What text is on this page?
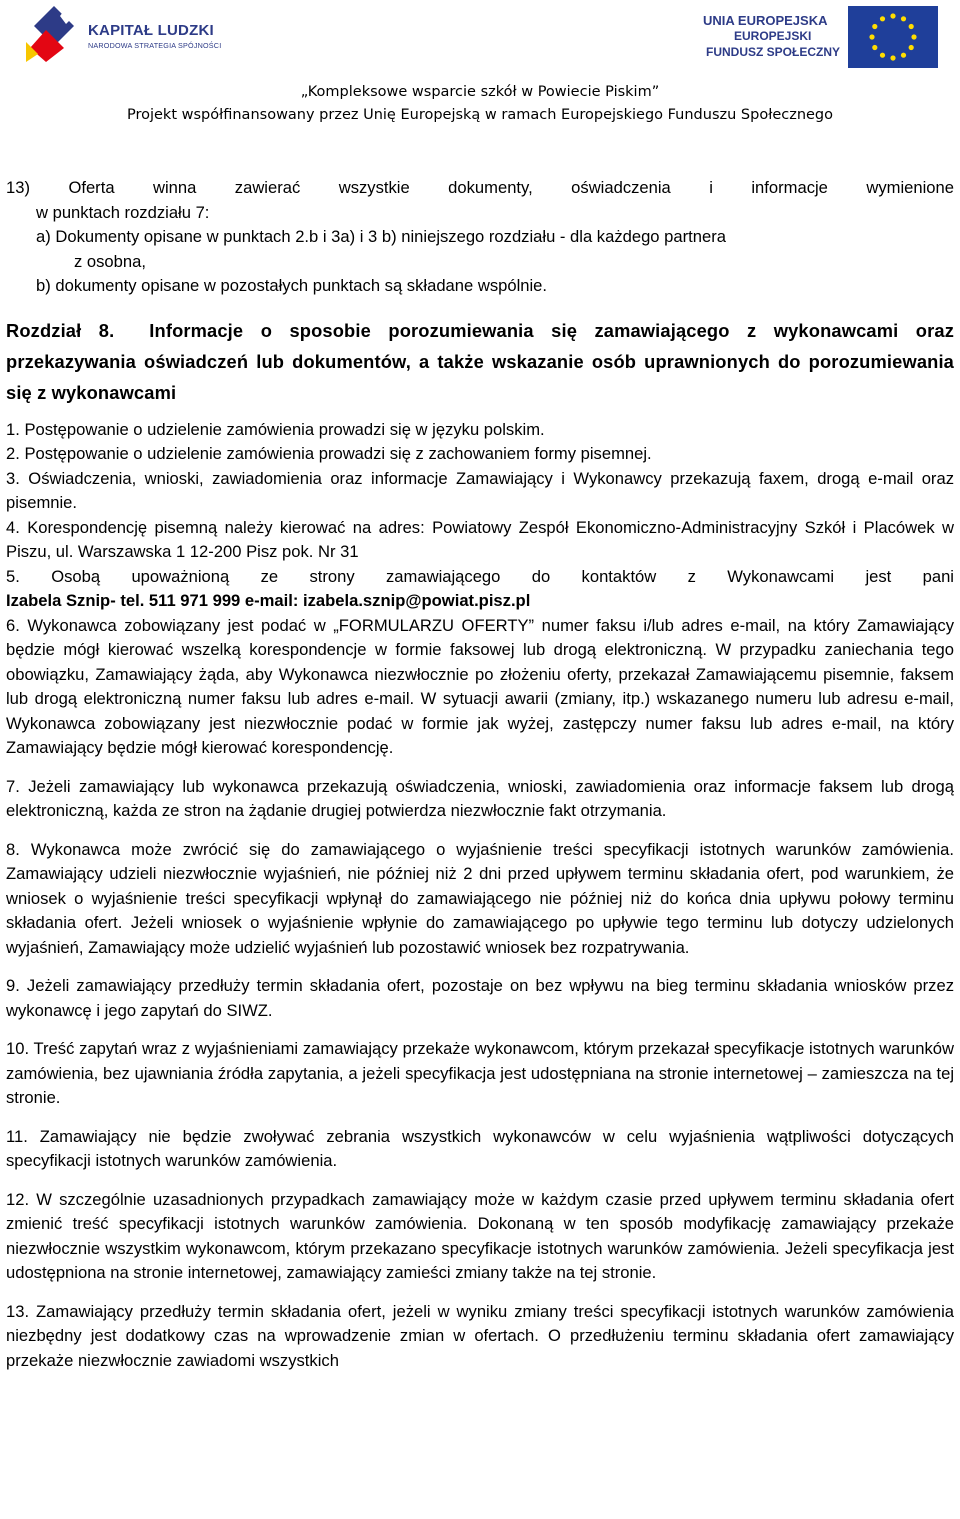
KAPITAŁ LUDZKI
NARODOWA STRATEGIA SPÓJNOŚCI
UNIA EUROPEJSKA
EUROPEJSKI
FUNDUSZ SPOŁECZNY
„Kompleksowe wsparcie szkół w Powiecie Piskim”
Projekt współfinansowany przez Unię Europejską w ramach Europejskiego Funduszu Społecznego

13) Oferta winna zawierać wszystkie dokumenty, oświadczenia i informacje wymienione

w punktach rozdziału 7:

a) Dokumenty opisane w punktach 2.b i 3a) i 3 b) niniejszego rozdziału - dla każdego partnera

z osobna,

b) dokumenty opisane w pozostałych punktach są składane wspólnie.

Rozdział 8. Informacje o sposobie porozumiewania się zamawiającego z wykonawcami oraz przekazywania oświadczeń lub dokumentów, a także wskazanie osób uprawnionych do porozumiewania się z wykonawcami

1. Postępowanie o udzielenie zamówienia prowadzi się w języku polskim.

2. Postępowanie o udzielenie zamówienia prowadzi się z zachowaniem formy pisemnej.

3. Oświadczenia, wnioski, zawiadomienia oraz informacje Zamawiający i Wykonawcy przekazują faxem, drogą e-mail oraz pisemnie.

4. Korespondencję pisemną należy kierować na adres: Powiatowy Zespół Ekonomiczno-Administracyjny Szkół i Placówek w Piszu, ul. Warszawska 1 12-200 Pisz pok. Nr 31

5. Osobą upoważnioną ze strony zamawiającego do kontaktów z Wykonawcami jest pani

Izabela Sznip- tel. 511 971 999 e-mail: izabela.sznip@powiat.pisz.pl

6. Wykonawca zobowiązany jest podać w „FORMULARZU OFERTY” numer faksu i/lub adres e-mail, na który Zamawiający będzie mógł kierować wszelką korespondencje w formie faksowej lub drogą elektroniczną. W przypadku zaniechania tego obowiązku, Zamawiający żąda, aby Wykonawca niezwłocznie po złożeniu oferty, przekazał Zamawiającemu pisemnie, faksem lub drogą elektroniczną numer faksu lub adres e-mail. W sytuacji awarii (zmiany, itp.) wskazanego numeru lub adresu e-mail, Wykonawca zobowiązany jest niezwłocznie podać w formie jak wyżej, zastępczy numer faksu lub adres e-mail, na który Zamawiający będzie mógł kierować korespondencję.

7. Jeżeli zamawiający lub wykonawca przekazują oświadczenia, wnioski, zawiadomienia oraz informacje faksem lub drogą elektroniczną, każda ze stron na żądanie drugiej potwierdza niezwłocznie fakt otrzymania.

8. Wykonawca może zwrócić się do zamawiającego o wyjaśnienie treści specyfikacji istotnych warunków zamówienia. Zamawiający udzieli niezwłocznie wyjaśnień, nie później niż 2 dni przed upływem terminu składania ofert, pod warunkiem, że wniosek o wyjaśnienie treści specyfikacji wpłynął do zamawiającego nie później niż do końca dnia upływu połowy terminu składania ofert. Jeżeli wniosek o wyjaśnienie wpłynie do zamawiającego po upływie tego terminu lub dotyczy udzielonych wyjaśnień, Zamawiający może udzielić wyjaśnień lub pozostawić wniosek bez rozpatrywania.

9. Jeżeli zamawiający przedłuży termin składania ofert, pozostaje on bez wpływu na bieg terminu składania wniosków przez wykonawcę i jego zapytań do SIWZ.

10. Treść zapytań wraz z wyjaśnieniami zamawiający przekaże wykonawcom, którym przekazał specyfikacje istotnych warunków zamówienia, bez ujawniania źródła zapytania, a jeżeli specyfikacja jest udostępniana na stronie internetowej – zamieszcza na tej stronie.

11. Zamawiający nie będzie zwoływać zebrania wszystkich wykonawców w celu wyjaśnienia wątpliwości dotyczących specyfikacji istotnych warunków zamówienia.

12. W szczególnie uzasadnionych przypadkach zamawiający może w każdym czasie przed upływem terminu składania ofert zmienić treść specyfikacji istotnych warunków zamówienia. Dokonaną w ten sposób modyfikację zamawiający przekaże niezwłocznie wszystkim wykonawcom, którym przekazano specyfikacje istotnych warunków zamówienia. Jeżeli specyfikacja jest udostępniona na stronie internetowej, zamawiający zamieści zmiany także na tej stronie.

13. Zamawiający przedłuży termin składania ofert, jeżeli w wyniku zmiany treści specyfikacji istotnych warunków zamówienia niezbędny jest dodatkowy czas na wprowadzenie zmian w ofertach. O przedłużeniu terminu składania ofert zamawiający przekaże niezwłocznie zawiadomi wszystkich
